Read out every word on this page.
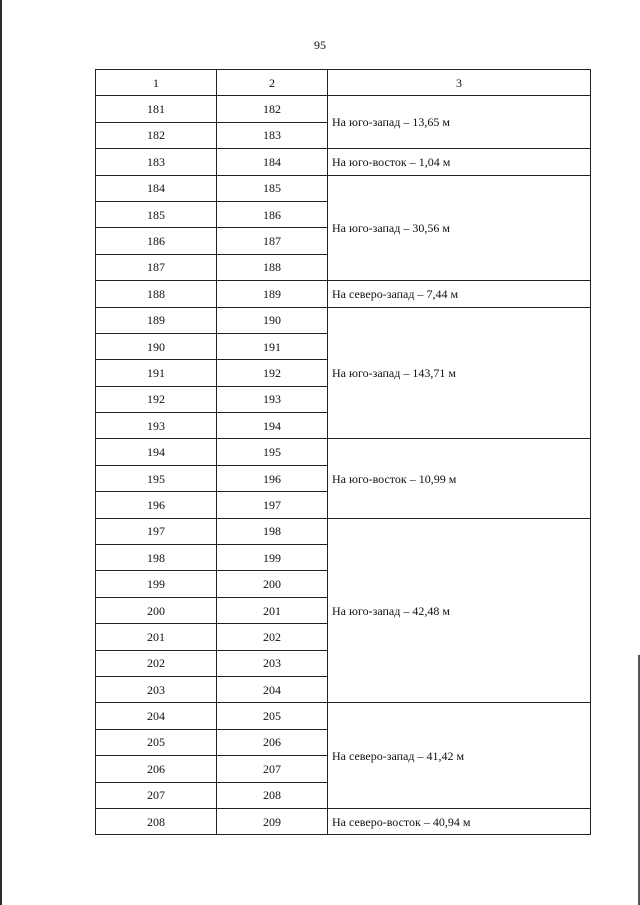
95
1	2	3
181	182	На юго-запад – 13,65 м
182	183	
183	184	На юго-восток – 1,04 м
184	185	На юго-запад – 30,56 м
185	186	
186	187	
187	188	
188	189	На северо-запад – 7,44 м
189	190	На юго-запад – 143,71 м
190	191	
191	192	
192	193	
193	194	
194	195	На юго-восток – 10,99 м
195	196	
196	197	
197	198	На юго-запад – 42,48 м
198	199	
199	200	
200	201	
201	202	
202	203	
203	204	
204	205	На северо-запад – 41,42 м
205	206	
206	207	
207	208	
208	209	На северо-восток – 40,94 м
